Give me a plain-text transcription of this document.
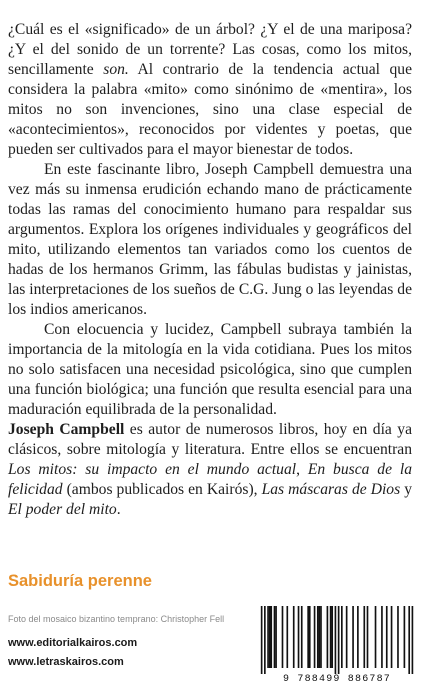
¿Cuál es el «significado» de un árbol? ¿Y el de una mariposa? ¿Y el del sonido de un torrente? Las cosas, como los mitos, sencillamente son. Al contrario de la tendencia actual que considera la palabra «mito» como sinónimo de «mentira», los mitos no son invenciones, sino una clase especial de «acontecimientos», reconocidos por videntes y poetas, que pueden ser cultivados para el mayor bienestar de todos.

En este fascinante libro, Joseph Campbell demuestra una vez más su inmensa erudición echando mano de prácticamente todas las ramas del conocimiento humano para respaldar sus argumentos. Explora los orígenes individuales y geográficos del mito, utilizando elementos tan variados como los cuentos de hadas de los hermanos Grimm, las fábulas budistas y jainistas, las interpretaciones de los sueños de C.G. Jung o las leyendas de los indios americanos.

Con elocuencia y lucidez, Campbell subraya también la importancia de la mitología en la vida cotidiana. Pues los mitos no solo satisfacen una necesidad psicológica, sino que cumplen una función biológica; una función que resulta esencial para una maduración equilibrada de la personalidad.

Joseph Campbell es autor de numerosos libros, hoy en día ya clásicos, sobre mitología y literatura. Entre ellos se encuentran Los mitos: su impacto en el mundo actual, En busca de la felicidad (ambos publicados en Kairós), Las máscaras de Dios y El poder del mito.

Sabiduría perenne

Foto del mosaico bizantino temprano: Christopher Fell

www.editorialkairos.com

www.letraskairos.com

9 788499 886787
